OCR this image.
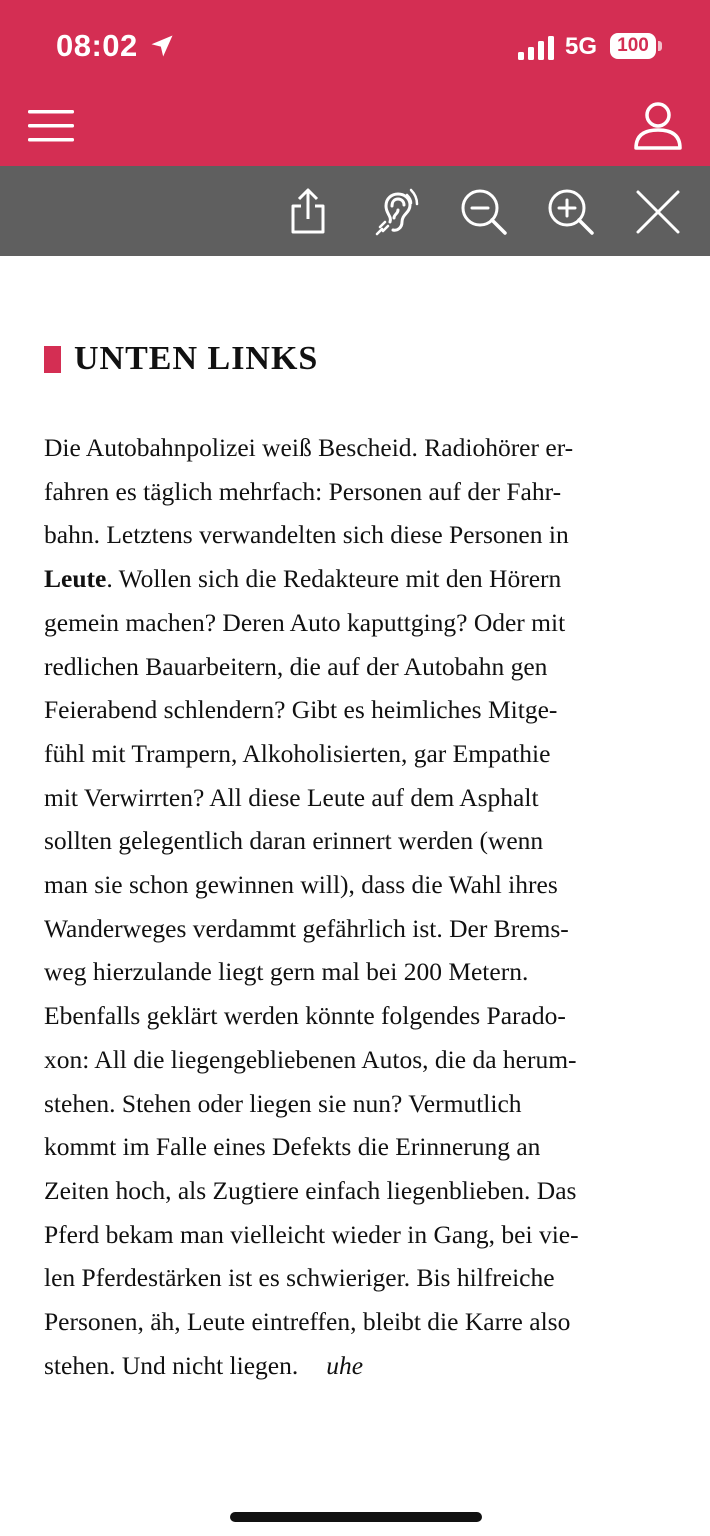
08:02	5G 100
UNTEN LINKS
Die Autobahnpolizei weiß Bescheid. Radiohörer er-
fahren es täglich mehrfach: Personen auf der Fahr-
bahn. Letztens verwandelten sich diese Personen in
Leute. Wollen sich die Redakteure mit den Hörern
gemein machen? Deren Auto kaputtging? Oder mit
redlichen Bauarbeitern, die auf der Autobahn gen
Feierabend schlendern? Gibt es heimliches Mitge-
fühl mit Trampern, Alkoholisierten, gar Empathie
mit Verwirrten? All diese Leute auf dem Asphalt
sollten gelegentlich daran erinnert werden (wenn
man sie schon gewinnen will), dass die Wahl ihres
Wanderweges verdammt gefährlich ist. Der Brems-
weg hierzulande liegt gern mal bei 200 Metern.
Ebenfalls geklärt werden könnte folgendes Parado-
xon: All die liegengebliebenen Autos, die da herum-
stehen. Stehen oder liegen sie nun? Vermutlich
kommt im Falle eines Defekts die Erinnerung an
Zeiten hoch, als Zugtiere einfach liegenblieben. Das
Pferd bekam man vielleicht wieder in Gang, bei vie-
len Pferdestärken ist es schwieriger. Bis hilfreiche
Personen, äh, Leute eintreffen, bleibt die Karre also
stehen. Und nicht liegen. uhe
